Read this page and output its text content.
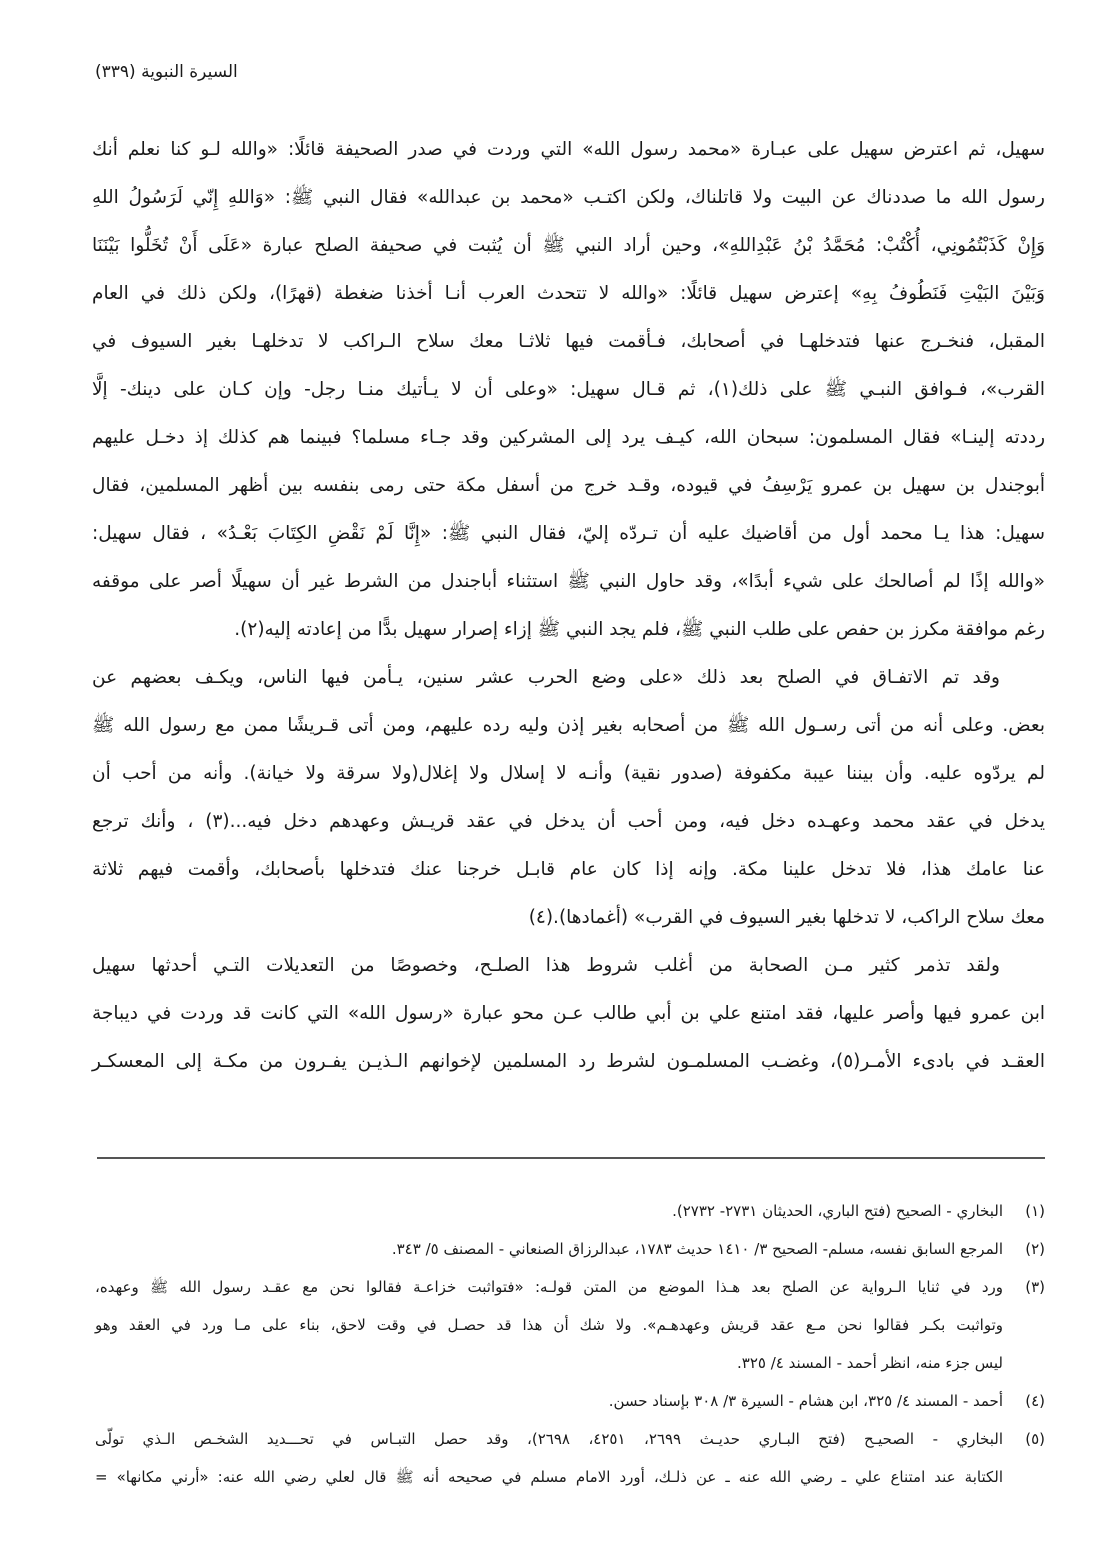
السيرة النبوية (٣٣٩)
سهيل، ثم اعترض سهيل على عبـارة «محمد رسول الله» التي وردت في صدر الصحيفة قائلًا: «والله لـو كنا نعلم أنك
رسول الله ما صددناك عن البيت ولا قاتلناك، ولكن اكتـب «محمد بن عبدالله» فقال النبي ﷺ: «وَاللهِ إِنّي لَرَسُولُ اللهِ
وَإِنْ كَذَبْتُمُونِي، أُكْتُبْ: مُحَمَّدُ بْنُ عَبْدِاللهِ»، وحين أراد النبي ﷺ أن يُثبت في صحيفة الصلح عبارة «عَلَى أَنْ تُخَلُّوا بَيْنَنَا
وَبَيْنَ البَيْتِ فَنَطُوفُ بِهِ» إعترض سهيل قائلًا: «والله لا تتحدث العرب أنـا أخذنا ضغطة (قهرًا)، ولكن ذلك في العام
المقبل، فنخـرج عنها فتدخلهـا في أصحابك، فـأقمت فيها ثلاثـا معك سلاح الـراكب لا تدخلهـا بغير السيوف في
القرب»، فـوافق النبـي ﷺ على ذلك(١)، ثم قـال سهيل: «وعلى أن لا يـأتيك منـا رجل- وإن كـان على دينك- إلَّا
رددته إلينـا» فقال المسلمون: سبحان الله، كيـف يرد إلى المشركين وقد جـاء مسلما؟ فبينما هم كذلك إذ دخـل عليهم
أبوجندل بن سهيل بن عمرو يَرْسِفُ في قيوده، وقـد خرج من أسفل مكة حتى رمى بنفسه بين أظهر المسلمين، فقال
سهيل: هذا يـا محمد أول من أقاضيك عليه أن تـردّه إليّ، فقال النبي ﷺ: «إِنَّا لَمْ نَقْضِ الكِتَابَ بَعْـدُ» ، فقال سهيل:
«والله إذًا لم أصالحك على شيء أبدًا»، وقد حاول النبي ﷺ استثناء أباجندل من الشرط غير أن سهيلًا أصر على موقفه
رغم موافقة مكرز بن حفص على طلب النبي ﷺ، فلم يجد النبي ﷺ إزاء إصرار سهيل بدًّا من إعادته إليه(٢).
وقد تم الاتفـاق في الصلح بعد ذلك «على وضع الحرب عشر سنين، يـأمن فيها الناس، ويكـف بعضهم عن
بعض. وعلى أنه من أتى رسـول الله ﷺ من أصحابه بغير إذن وليه رده عليهم، ومن أتى قـريشًا ممن مع رسول الله ﷺ
لم يردّوه عليه. وأن بيننا عيبة مكفوفة (صدور نقية) وأنـه لا إسلال ولا إغلال(ولا سرقة ولا خيانة). وأنه من أحب أن
يدخل في عقد محمد وعهـده دخل فيه، ومن أحب أن يدخل في عقد قريـش وعهدهم دخل فيه...(٣) ، وأنك ترجع
عنا عامك هذا، فلا تدخل علينا مكة. وإنه إذا كان عام قابـل خرجنا عنك فتدخلها بأصحابك، وأقمت فيهم ثلاثة
معك سلاح الراكب، لا تدخلها بغير السيوف في القرب» (أغمادها).(٤)
ولقد تذمر كثير مـن الصحابة من أغلب شروط هذا الصلـح، وخصوصًا من التعديلات التـي أحدثها سهيل
ابن عمرو فيها وأصر عليها، فقد امتنع علي بن أبي طالب عـن محو عبارة «رسول الله» التي كانت قد وردت في ديباجة
العقـد في بادىء الأمـر(٥)، وغضـب المسلمـون لشرط رد المسلمين لإخوانهم الـذيـن يفـرون من مكـة إلى المعسكـر
(١)
البخاري - الصحيح (فتح الباري، الحديثان ٢٧٣١- ٢٧٣٢).
(٢)
المرجع السابق نفسه، مسلم- الصحيح ٣/ ١٤١٠ حديث ١٧٨٣، عبدالرزاق الصنعاني - المصنف ٥/ ٣٤٣.
(٣)
ورد في ثنايا الـرواية عن الصلح بعد هـذا الموضع من المتن قولـه: «فتواثبت خزاعـة فقالوا نحن مع عقـد رسول الله ﷺ وعهده،
وتواثبت بكـر فقالوا نحن مـع عقد قريش وعهدهـم». ولا شك أن هذا قد حصـل في وقت لاحق، بناء على مـا ورد في العقد وهو
ليس جزء منه، انظر أحمد - المسند ٤/ ٣٢٥.
(٤)
أحمد - المسند ٤/ ٣٢٥، ابن هشام - السيرة ٣/ ٣٠٨ بإسناد حسن.
(٥)
البخاري - الصحيـح (فتح البـاري حديـث ٢٦٩٩، ٤٢٥١، ٢٦٩٨)، وقد حصل التبـاس في تحـــديد الشخـص الـذي تولّى
الكتابة عند امتناع علي ـ رضي الله عنه ـ عن ذلـك، أورد الامام مسلم في صحيحه أنه ﷺ قال لعلي رضي الله عنه: «أرني مكانها» =
